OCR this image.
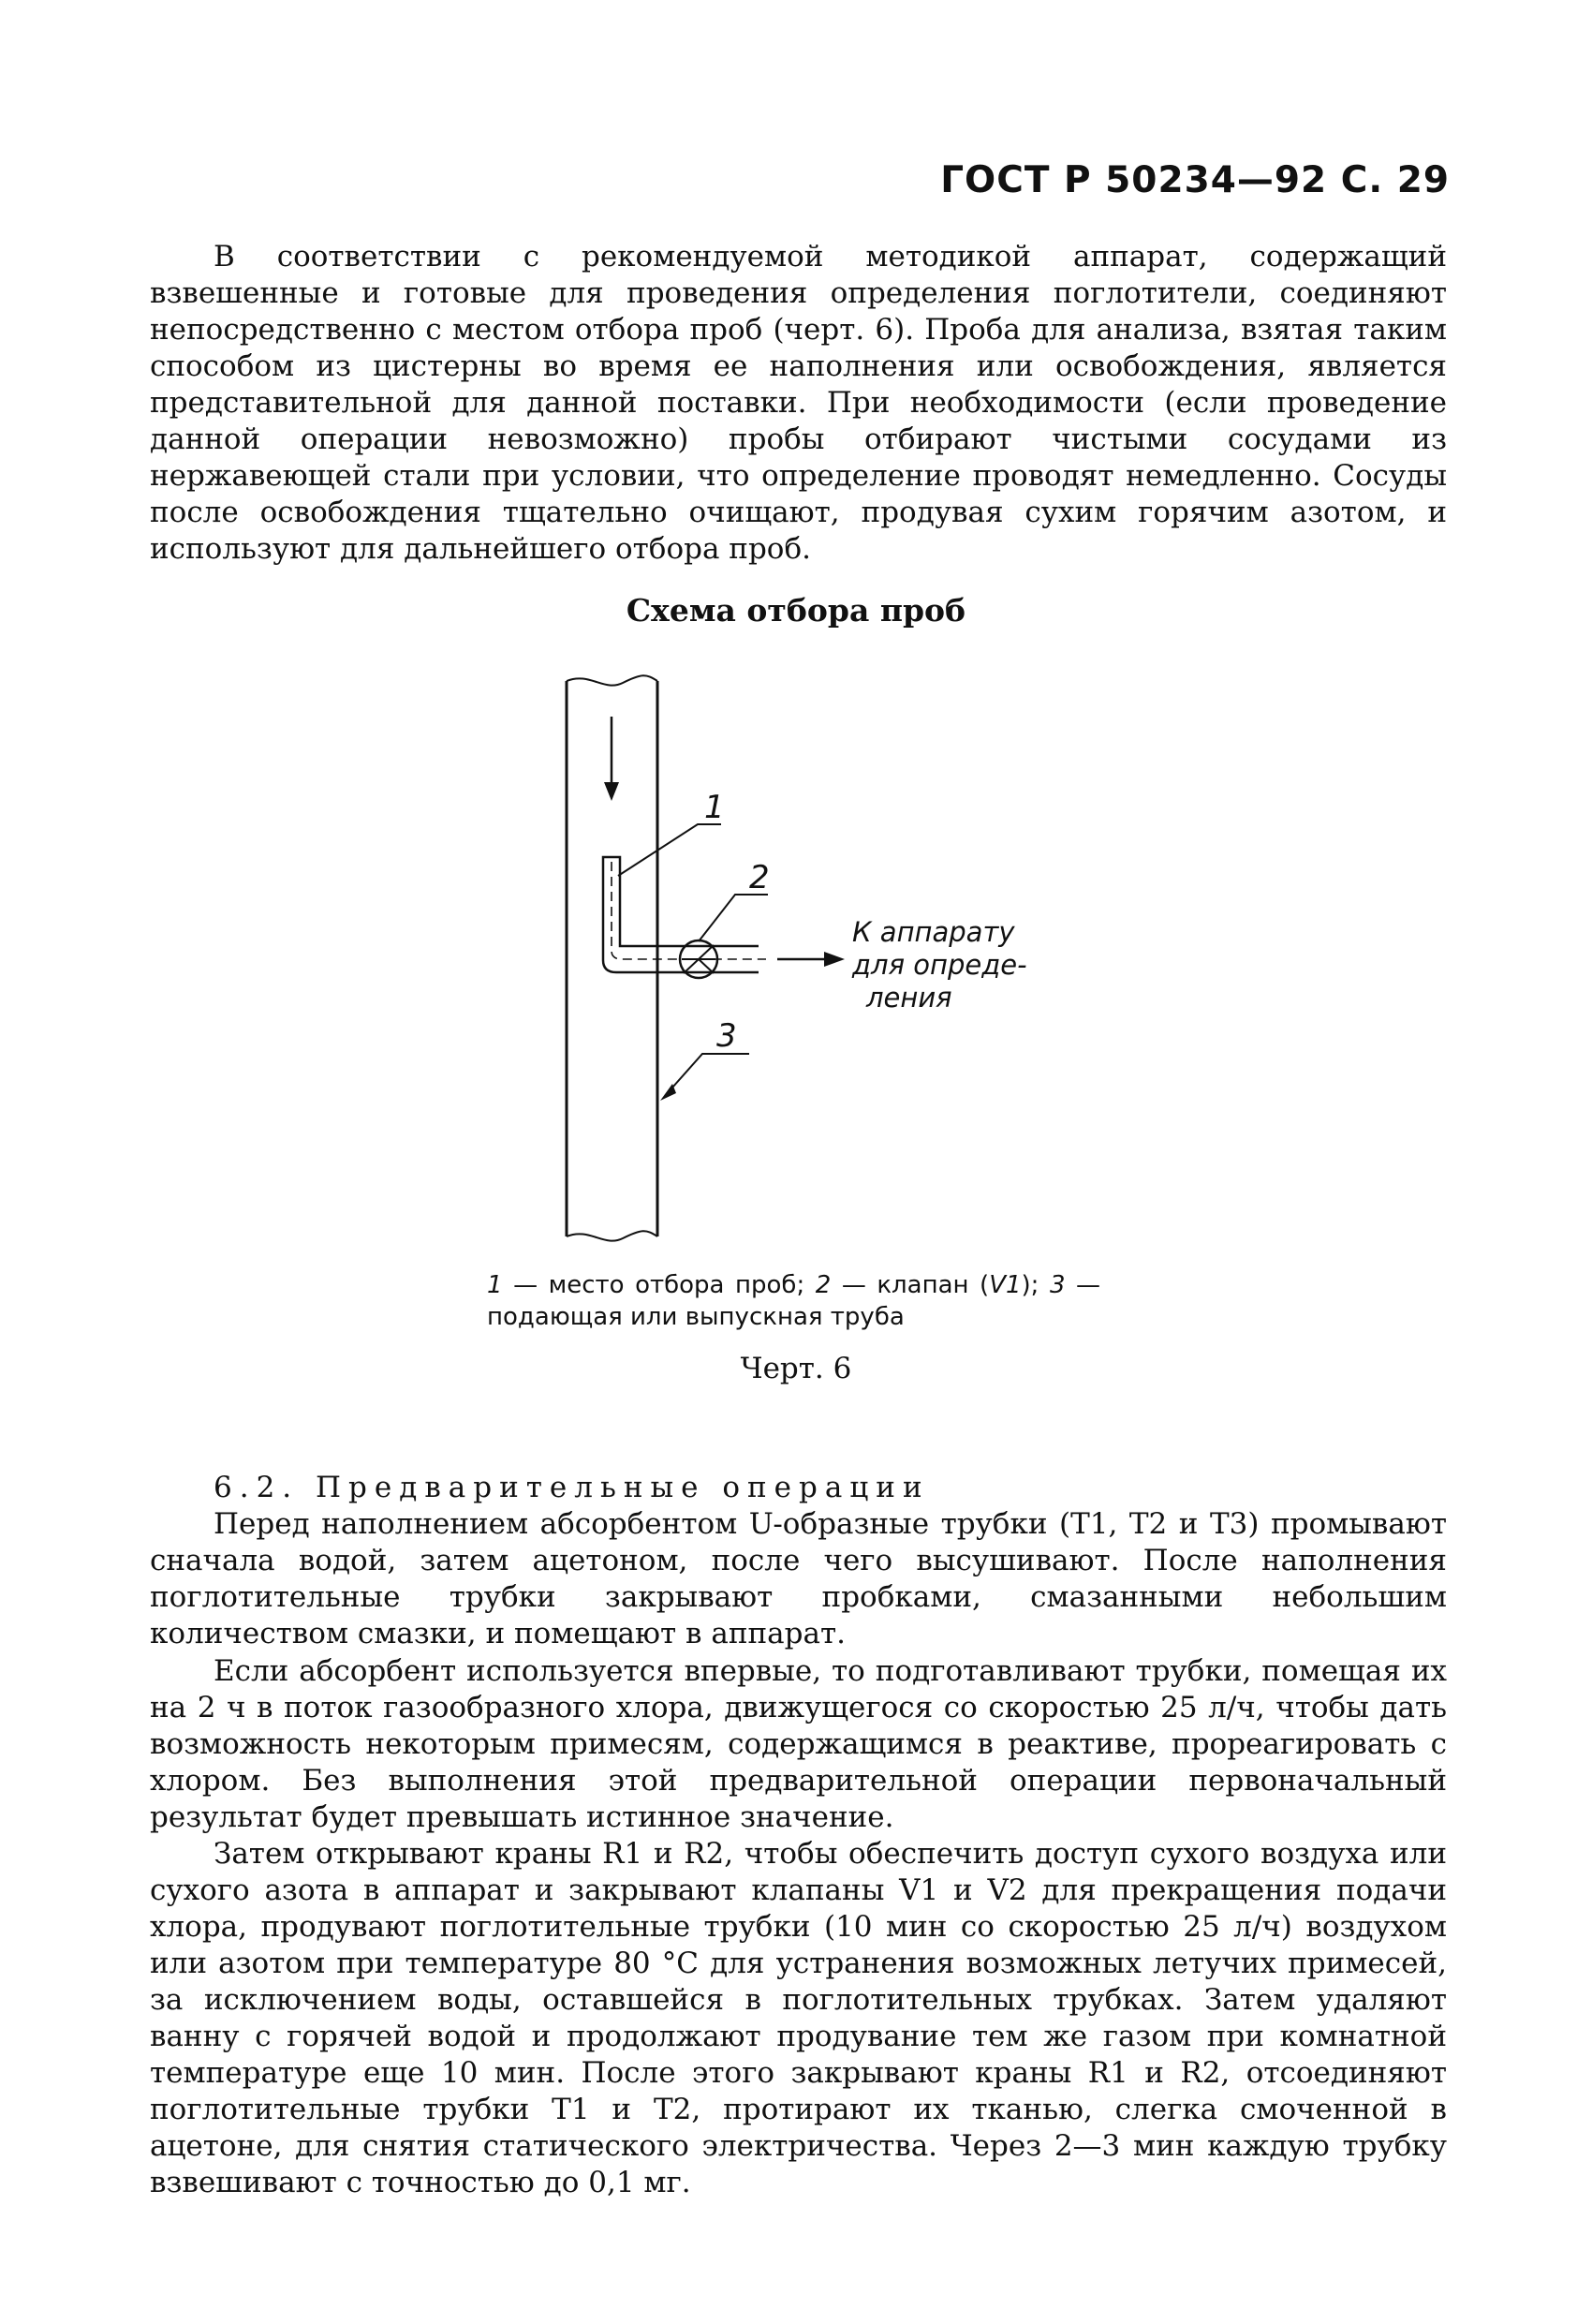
ГОСТ Р 50234—92 С. 29

В соответствии с рекомендуемой методикой аппарат, содержащий взвешенные и готовые для проведения определения поглотители, соединяют непосредственно с местом отбора проб (черт. 6). Проба для анализа, взятая таким способом из цистерны во время ее наполнения или освобождения, является представительной для данной поставки. При необходимости (если проведение данной операции невозможно) пробы отбирают чистыми сосудами из нержавеющей стали при условии, что определение проводят немедленно. Сосуды после освобождения тщательно очищают, продувая сухим горячим азотом, и используют для дальнейшего отбора проб.

Схема отбора проб
1
2
3
К аппарату
для опреде-
ления
1 — место отбора проб; 2 — клапан (V1); 3 — подающая или выпускная труба
Черт. 6
6.2. Предварительные операции

Перед наполнением абсорбентом U-образные трубки (T1, T2 и T3) промывают сначала водой, затем ацетоном, после чего высушивают. После наполнения поглотительные трубки закрывают пробками, смазанными небольшим количеством смазки, и помещают в аппарат.

Если абсорбент используется впервые, то подготавливают трубки, помещая их на 2 ч в поток газообразного хлора, движущегося со скоростью 25 л/ч, чтобы дать возможность некоторым примесям, содержащимся в реактиве, прореагировать с хлором. Без выполнения этой предварительной операции первоначальный результат будет превышать истинное значение.

Затем открывают краны R1 и R2, чтобы обеспечить доступ сухого воздуха или сухого азота в аппарат и закрывают клапаны V1 и V2 для прекращения подачи хлора, продувают поглотительные трубки (10 мин со скоростью 25 л/ч) воздухом или азотом при температуре 80 °С для устранения возможных летучих примесей, за исключением воды, оставшейся в поглотительных трубках. Затем удаляют ванну с горячей водой и продолжают продувание тем же газом при комнатной температуре еще 10 мин. После этого закрывают краны R1 и R2, отсоединяют поглотительные трубки T1 и T2, протирают их тканью, слегка смоченной в ацетоне, для снятия статического электричества. Через 2—3 мин каждую трубку взвешивают с точностью до 0,1 мг.
